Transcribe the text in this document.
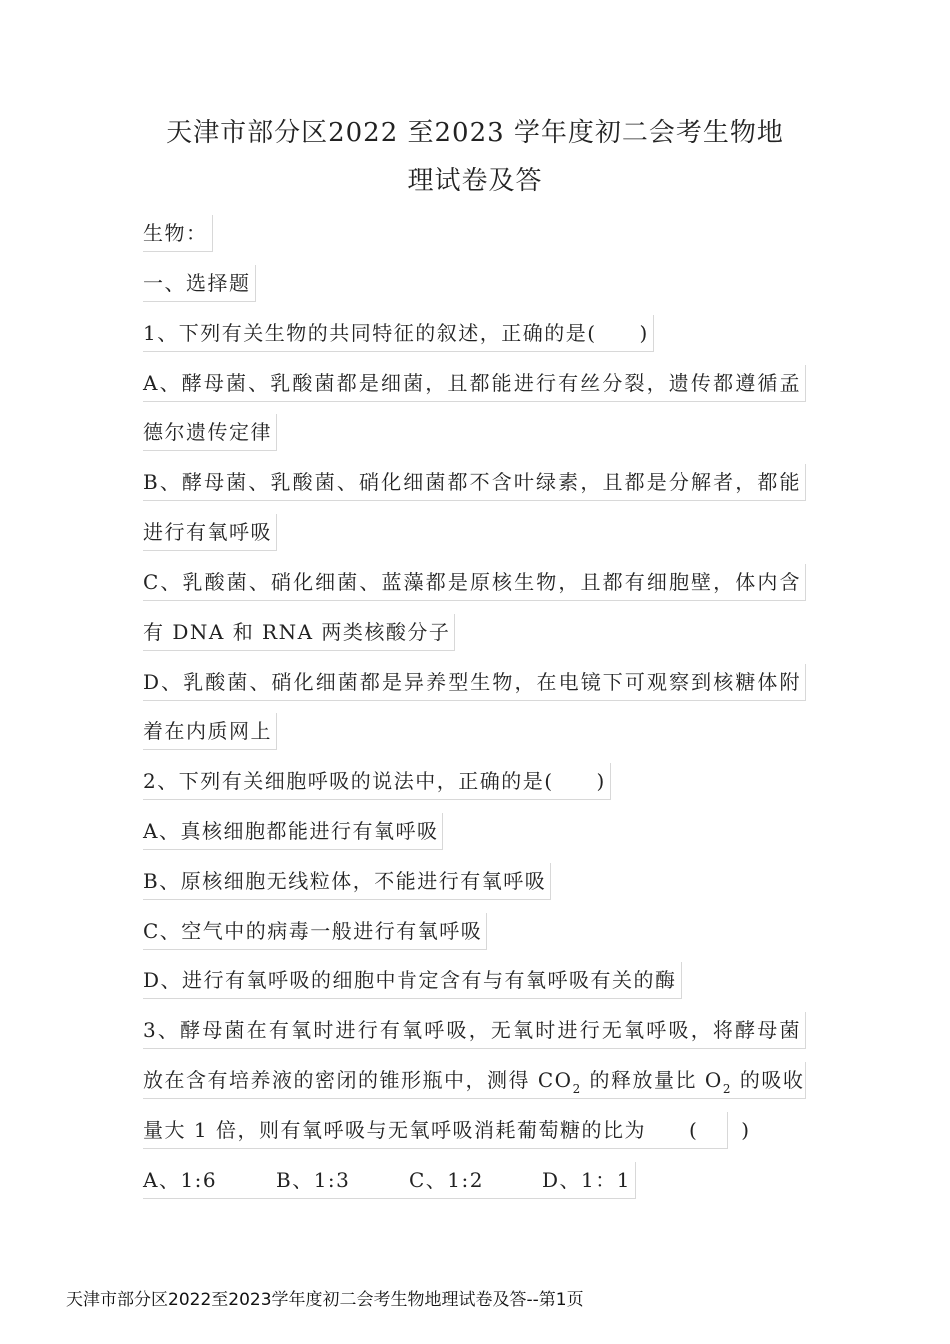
天津市部分区2022 至2023 学年度初二会考生物地
理试卷及答
生物：
一、选择题
1、下列有关生物的共同特征的叙述，正确的是(　　)
A、酵母菌、乳酸菌都是细菌，且都能进行有丝分裂，遗传都遵循孟
德尔遗传定律
B、酵母菌、乳酸菌、硝化细菌都不含叶绿素，且都是分解者，都能
进行有氧呼吸
C、乳酸菌、硝化细菌、蓝藻都是原核生物，且都有细胞壁，体内含
有 DNA 和 RNA 两类核酸分子
D、乳酸菌、硝化细菌都是异养型生物，在电镜下可观察到核糖体附
着在内质网上
2、下列有关细胞呼吸的说法中，正确的是(　　)
A、真核细胞都能进行有氧呼吸
B、原核细胞无线粒体，不能进行有氧呼吸
C、空气中的病毒一般进行有氧呼吸
D、进行有氧呼吸的细胞中肯定含有与有氧呼吸有关的酶
3、酵母菌在有氧时进行有氧呼吸，无氧时进行无氧呼吸，将酵母菌
放在含有培养液的密闭的锥形瓶中，测得 $CO_2$ 的释放量比 $O_2$ 的吸收
量大 1 倍，则有氧呼吸与无氧呼吸消耗葡萄糖的比为　　(　　)
A、1:6	B、1:3	C、1:2	D、1：1
天津市部分区2022至2023学年度初二会考生物地理试卷及答--第1页
